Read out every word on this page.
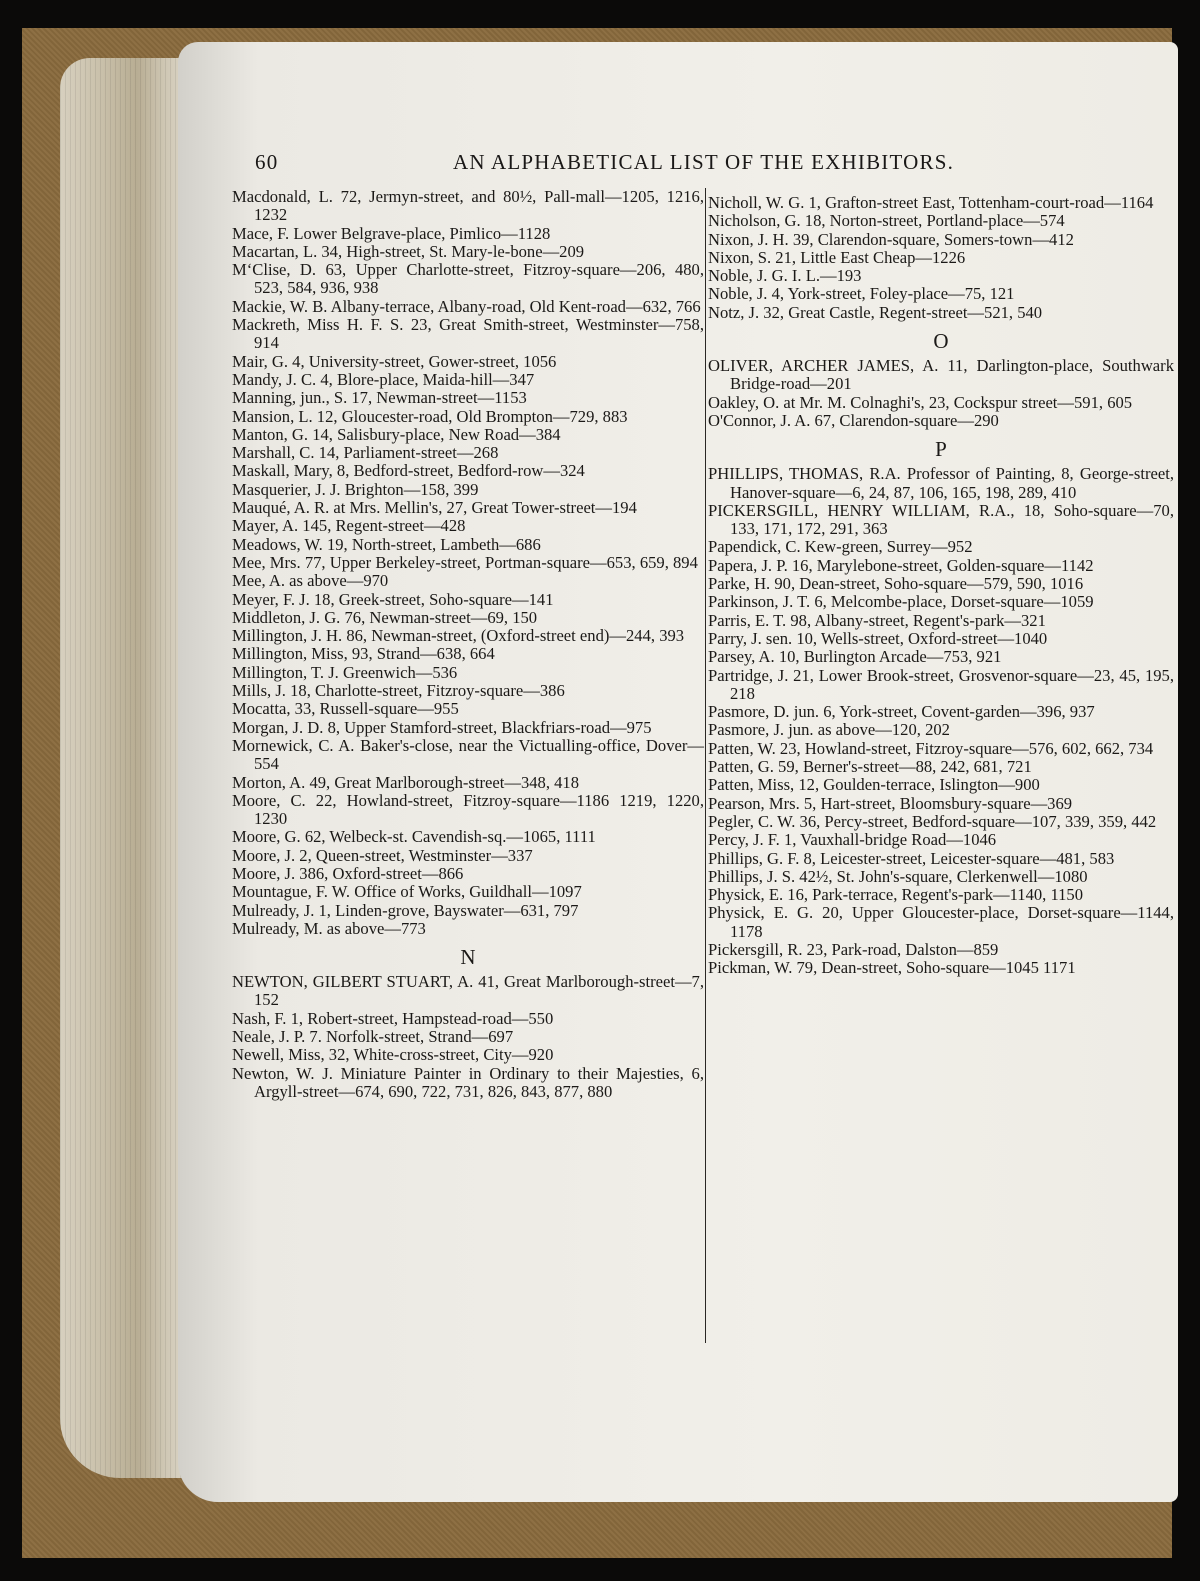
60	AN ALPHABETICAL LIST OF THE EXHIBITORS.

Macdonald, L. 72, Jermyn-street, and 80½, Pall-mall—1205, 1216, 1232

Mace, F. Lower Belgrave-place, Pimlico—1128

Macartan, L. 34, High-street, St. Mary-le-bone—209

M‘Clise, D. 63, Upper Charlotte-street, Fitzroy-square—206, 480, 523, 584, 936, 938

Mackie, W. B. Albany-terrace, Albany-road, Old Kent-road—632, 766

Mackreth, Miss H. F. S. 23, Great Smith-street, Westminster—758, 914

Mair, G. 4, University-street, Gower-street, 1056

Mandy, J. C. 4, Blore-place, Maida-hill—347

Manning, jun., S. 17, Newman-street—1153

Mansion, L. 12, Gloucester-road, Old Brompton—729, 883

Manton, G. 14, Salisbury-place, New Road—384

Marshall, C. 14, Parliament-street—268

Maskall, Mary, 8, Bedford-street, Bedford-row—324

Masquerier, J. J. Brighton—158, 399

Mauqué, A. R. at Mrs. Mellin's, 27, Great Tower-street—194

Mayer, A. 145, Regent-street—428

Meadows, W. 19, North-street, Lambeth—686

Mee, Mrs. 77, Upper Berkeley-street, Portman-square—653, 659, 894

Mee, A. as above—970

Meyer, F. J. 18, Greek-street, Soho-square—141

Middleton, J. G. 76, Newman-street—69, 150

Millington, J. H. 86, Newman-street, (Oxford-street end)—244, 393

Millington, Miss, 93, Strand—638, 664

Millington, T. J. Greenwich—536

Mills, J. 18, Charlotte-street, Fitzroy-square—386

Mocatta, 33, Russell-square—955

Morgan, J. D. 8, Upper Stamford-street, Blackfriars-road—975

Mornewick, C. A. Baker's-close, near the Victualling-office, Dover—554

Morton, A. 49, Great Marlborough-street—348, 418

Moore, C. 22, Howland-street, Fitzroy-square—1186 1219, 1220, 1230

Moore, G. 62, Welbeck-st. Cavendish-sq.—1065, 1111

Moore, J. 2, Queen-street, Westminster—337

Moore, J. 386, Oxford-street—866

Mountague, F. W. Office of Works, Guildhall—1097

Mulready, J. 1, Linden-grove, Bayswater—631, 797

Mulready, M. as above—773

N

NEWTON, GILBERT STUART, A. 41, Great Marlborough-street—7, 152

Nash, F. 1, Robert-street, Hampstead-road—550

Neale, J. P. 7. Norfolk-street, Strand—697

Newell, Miss, 32, White-cross-street, City—920

Newton, W. J. Miniature Painter in Ordinary to their Majesties, 6, Argyll-street—674, 690, 722, 731, 826, 843, 877, 880

Nicholl, W. G. 1, Grafton-street East, Tottenham-court-road—1164

Nicholson, G. 18, Norton-street, Portland-place—574

Nixon, J. H. 39, Clarendon-square, Somers-town—412

Nixon, S. 21, Little East Cheap—1226

Noble, J. G. I. L.—193

Noble, J. 4, York-street, Foley-place—75, 121

Notz, J. 32, Great Castle, Regent-street—521, 540

O

OLIVER, ARCHER JAMES, A. 11, Darlington-place, Southwark Bridge-road—201

Oakley, O. at Mr. M. Colnaghi's, 23, Cockspur street—591, 605

O'Connor, J. A. 67, Clarendon-square—290

P

PHILLIPS, THOMAS, R.A. Professor of Painting, 8, George-street, Hanover-square—6, 24, 87, 106, 165, 198, 289, 410

PICKERSGILL, HENRY WILLIAM, R.A., 18, Soho-square—70, 133, 171, 172, 291, 363

Papendick, C. Kew-green, Surrey—952

Papera, J. P. 16, Marylebone-street, Golden-square—1142

Parke, H. 90, Dean-street, Soho-square—579, 590, 1016

Parkinson, J. T. 6, Melcombe-place, Dorset-square—1059

Parris, E. T. 98, Albany-street, Regent's-park—321

Parry, J. sen. 10, Wells-street, Oxford-street—1040

Parsey, A. 10, Burlington Arcade—753, 921

Partridge, J. 21, Lower Brook-street, Grosvenor-square—23, 45, 195, 218

Pasmore, D. jun. 6, York-street, Covent-garden—396, 937

Pasmore, J. jun. as above—120, 202

Patten, W. 23, Howland-street, Fitzroy-square—576, 602, 662, 734

Patten, G. 59, Berner's-street—88, 242, 681, 721

Patten, Miss, 12, Goulden-terrace, Islington—900

Pearson, Mrs. 5, Hart-street, Bloomsbury-square—369

Pegler, C. W. 36, Percy-street, Bedford-square—107, 339, 359, 442

Percy, J. F. 1, Vauxhall-bridge Road—1046

Phillips, G. F. 8, Leicester-street, Leicester-square—481, 583

Phillips, J. S. 42½, St. John's-square, Clerkenwell—1080

Physick, E. 16, Park-terrace, Regent's-park—1140, 1150

Physick, E. G. 20, Upper Gloucester-place, Dorset-square—1144, 1178

Pickersgill, R. 23, Park-road, Dalston—859

Pickman, W. 79, Dean-street, Soho-square—1045 1171
